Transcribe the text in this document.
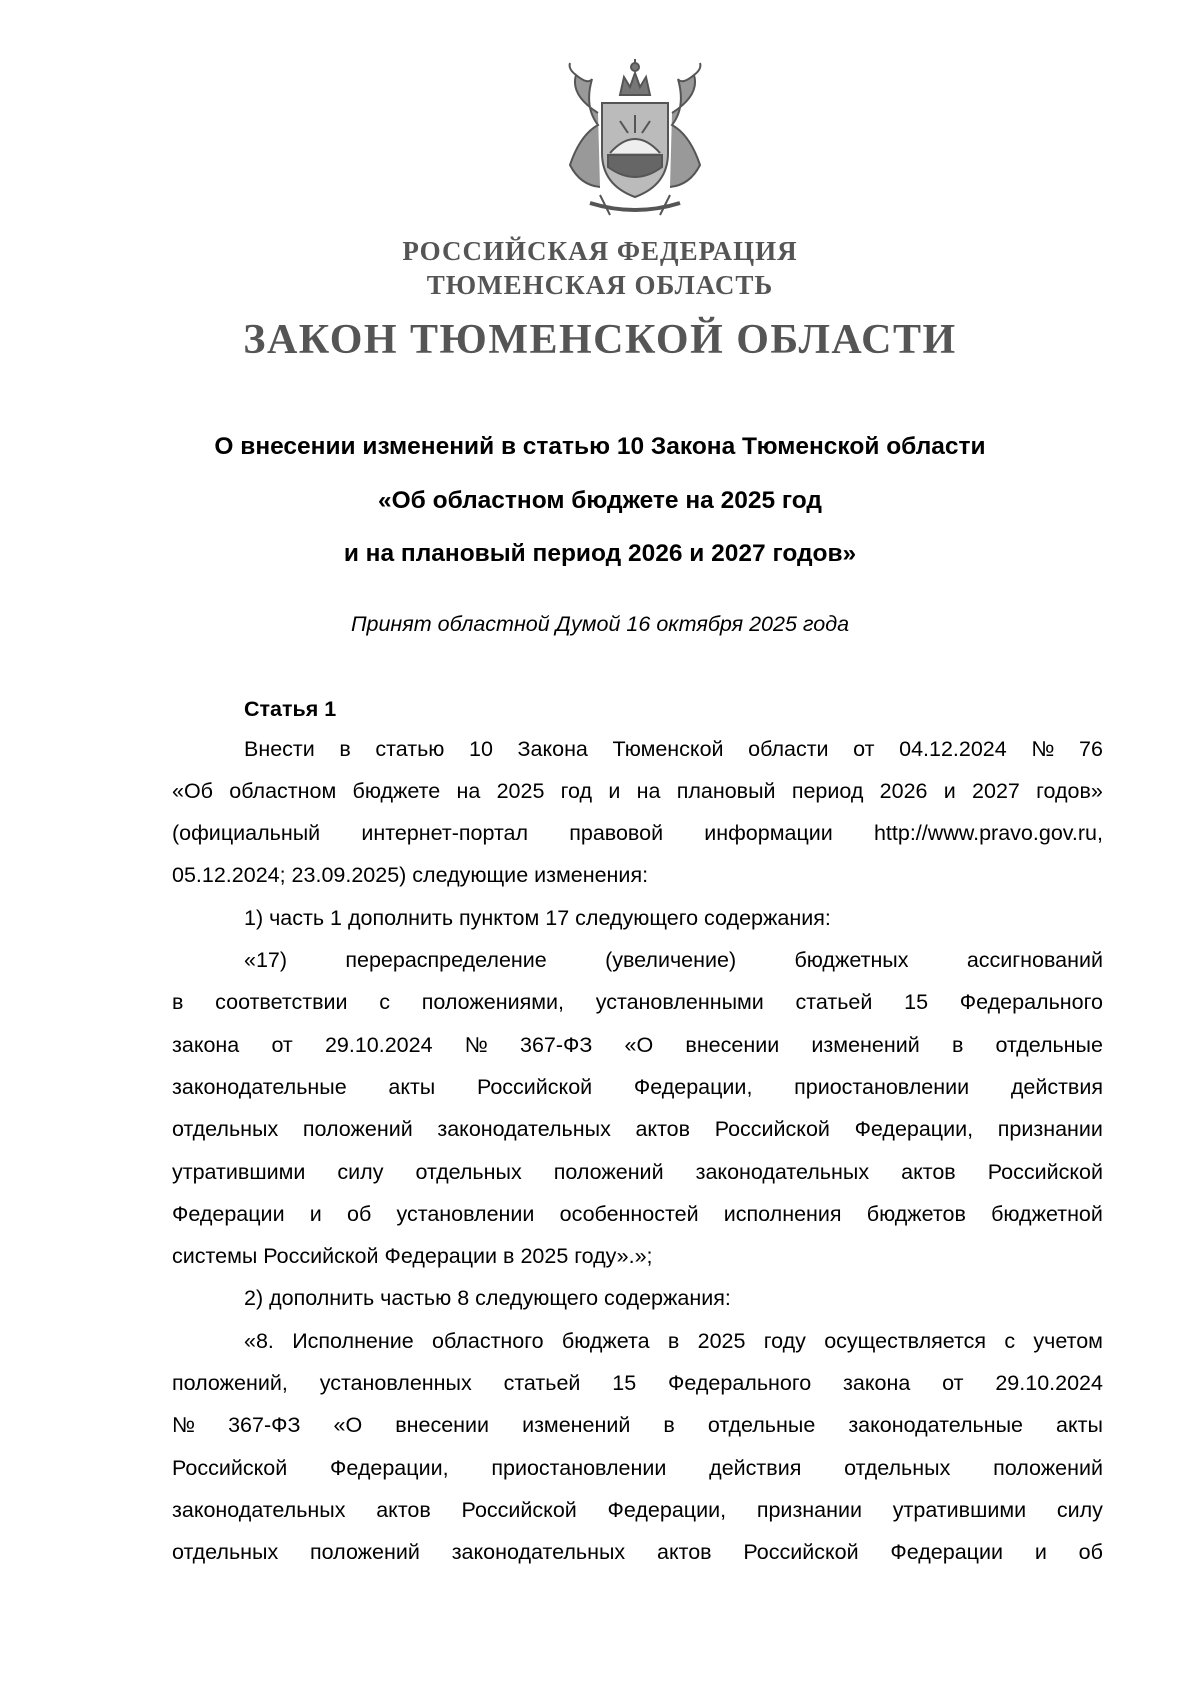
РОССИЙСКАЯ ФЕДЕРАЦИЯ
ТЮМЕНСКАЯ ОБЛАСТЬ
ЗАКОН ТЮМЕНСКОЙ ОБЛАСТИ
О внесении изменений в статью 10 Закона Тюменской области
«Об областном бюджете на 2025 год
и на плановый период 2026 и 2027 годов»
Принят областной Думой 16 октября 2025 года
Статья 1
Внести в статью 10 Закона Тюменской области от 04.12.2024 № 76
«Об областном бюджете на 2025 год и на плановый период 2026 и 2027 годов»
(официальный интернет-портал правовой информации http://www.pravo.gov.ru,
05.12.2024; 23.09.2025) следующие изменения:
1) часть 1 дополнить пунктом 17 следующего содержания:
«17)	перераспределение	(увеличение)	бюджетных	ассигнований
в соответствии с положениями, установленными статьей 15 Федерального
закона от 29.10.2024 № 367-ФЗ «О внесении изменений в отдельные
законодательные акты Российской Федерации, приостановлении действия
отдельных положений законодательных актов Российской Федерации, признании
утратившими силу отдельных положений законодательных актов Российской
Федерации и об установлении особенностей исполнения бюджетов бюджетной
системы Российской Федерации в 2025 году».»;
2) дополнить частью 8 следующего содержания:
«8. Исполнение областного бюджета в 2025 году осуществляется с учетом
положений, установленных статьей 15 Федерального закона от 29.10.2024
№ 367-ФЗ «О внесении изменений в отдельные законодательные акты
Российской Федерации, приостановлении действия отдельных положений
законодательных актов Российской Федерации, признании утратившими силу
отдельных положений законодательных актов Российской Федерации и об
